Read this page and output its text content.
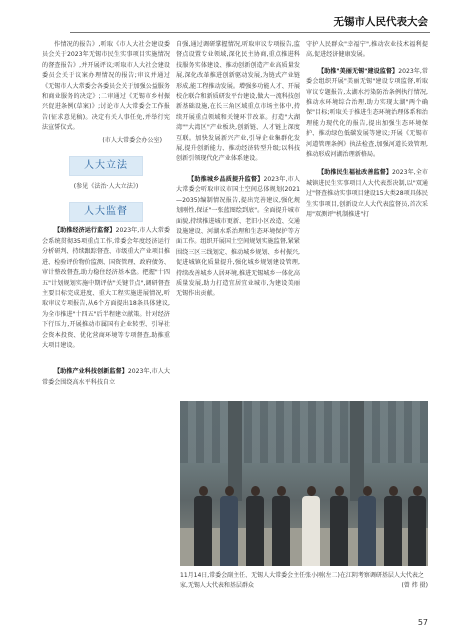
无锡市人民代表大会

作情况的报告》,听取《市人大社会建设委员会关于2023年无锡市民生实事项目实施情况的督查报告》,并开展评议;听取市人大社会建设委员会关于议案办理情况的报告;审议并通过《无锡市人大常委会各委员会关于加强公益服务和商业服务的决定》;二审通过《无锡市乡村振兴促进条例(草案)》;讨论市人大常委会工作报告(征求意见稿)。决定有关人事任免,并举行宪法宣誓仪式。

(市人大常委会办公室)

人大立法

(参见《法治·人大立法》)

人大监督

【助推经济运行监督】2023年,市人大常委会系统贯彻35项重点工作,常委会年度经济运行分析研判、持续跟踪督查、市级重大产业项目推进、检验评价物价监测、国资管理、政府债务、审计整改督查,助力稳住经济基本盘。把握"十四五"计划规划实施中期评估"关键节点",调研督查主要目标完成进度、重大工程实施进展情况,听取审议专项报告,从6个方面提出18条具体建议,为全市推进"十四五"后半程建立献策。针对经济下行压力,开展推动市属国有企业转型、引导社会资本投资、优化营商环境等专项督查,助推重大项目建设。

【助推产业科技创新监督】2023年,市人大常委会围绕高水平科技自立

自强,通过调研掌握情况,听取审议专项报告,监督点设置专业领域,深化民主协商,重点推进科技服务实体建设、推动创新创造产业高质量发展,深化改革推进创新驱动发展,为链式产业链形成,能工程推动发展。增强多功能人才、开展校企联合和新质研发平台建设,做大一流科技创新基础设施,在长三角区域重点市场主体中,持续开展重点领域和关键环节改革。打造"大湖湾""大湾区"产业板块,创新链、人才链上深度互联。加快发展新兴产业,引导企业集群化发展,提升创新能力、推动经济转型升级;以科技创新引领现代化产业体系建设。

【助推城乡品质提升监督】2023年,市人大常委会听取审议市国土空间总体规划(2021—2035)编制情况报告,提出完善建议,强化规划刚性,保证"一张蓝图绘到底"。全面提升城市面貌,持续推进城市更新、老旧小区改造、交通设施建设、河湖水系治理和生态环境保护等方面工作。组织开展国土空间规划实施监督,紧紧围绕三区三线划定、推动城乡规划、乡村振兴,促进城镇化质量提升,强化城乡规划建设管理,持续改善城乡人居环境,推进无锡城乡一体化高质量发展,助力打造宜居宜业城市,为建设美丽无锡作出贡献。

守护人民群众"幸福宁",推动农业技术福利提高,促进经济健康发展。

【助推"美丽无锡"建设监督】2023年,常委会组织开展"美丽无锡"建设专项监督,听取审议专题报告,太湖水污染防治条例执行情况,推动水环境综合治理,助力实现太湖"两个确保"目标;听取关于推进生态环境治理体系和治理能力现代化的报告,提出加强生态环境保护、推动绿色低碳发展等建议;开展《无锡市河道管理条例》执法检查,加强河道长效管理,推动形成河湖治理新格局。

【助推民生福祉改善监督】2023年,全市城镇进民生实事项目人大代表票决制,以"双通过"督查推动实事项目建设15大类28项具体民生实事项目,创新设立人大代表监督员,首次采用"双测评"机制推进"打

11月14日,常委会副主任、无锡人大常委会主任张小刚(左二)在江阴考察调研基层人大代表之家,无锡人大代表和基层群众	(曾 炜 摄)
57
